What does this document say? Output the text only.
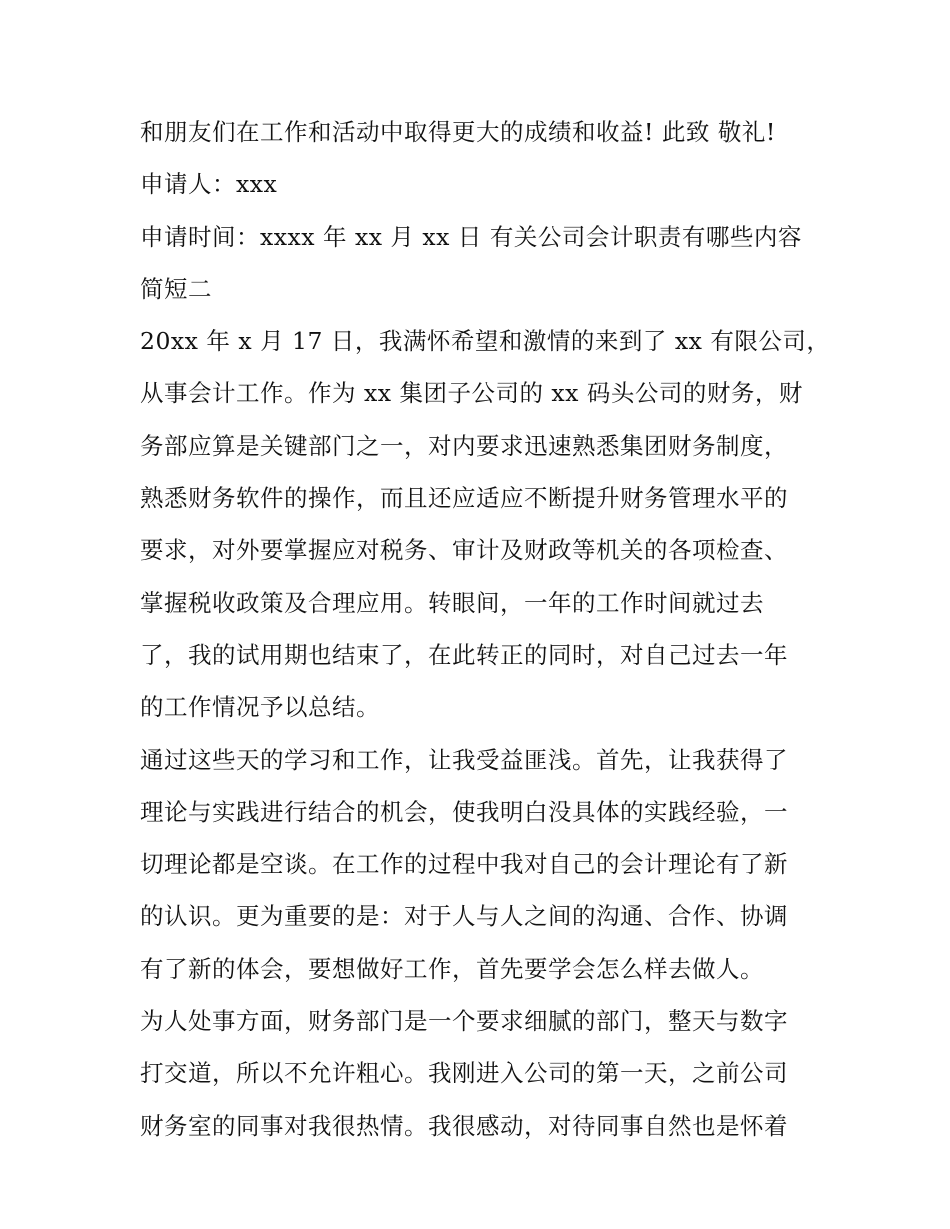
和朋友们在工作和活动中取得更大的成绩和收益! 此致 敬礼!
申请人：xxx
申请时间：xxxx 年 xx 月 xx 日 有关公司会计职责有哪些内容
简短二
20xx 年 x 月 17 日，我满怀希望和激情的来到了 xx 有限公司，
从事会计工作。作为 xx 集团子公司的 xx 码头公司的财务，财
务部应算是关键部门之一，对内要求迅速熟悉集团财务制度，
熟悉财务软件的操作，而且还应适应不断提升财务管理水平的
要求，对外要掌握应对税务、审计及财政等机关的各项检查、
掌握税收政策及合理应用。转眼间，一年的工作时间就过去
了，我的试用期也结束了，在此转正的同时，对自己过去一年
的工作情况予以总结。
通过这些天的学习和工作，让我受益匪浅。首先，让我获得了
理论与实践进行结合的机会，使我明白没具体的实践经验，一
切理论都是空谈。在工作的过程中我对自己的会计理论有了新
的认识。更为重要的是：对于人与人之间的沟通、合作、协调
有了新的体会，要想做好工作，首先要学会怎么样去做人。
为人处事方面，财务部门是一个要求细腻的部门，整天与数字
打交道，所以不允许粗心。我刚进入公司的第一天，之前公司
财务室的同事对我很热情。我很感动，对待同事自然也是怀着
